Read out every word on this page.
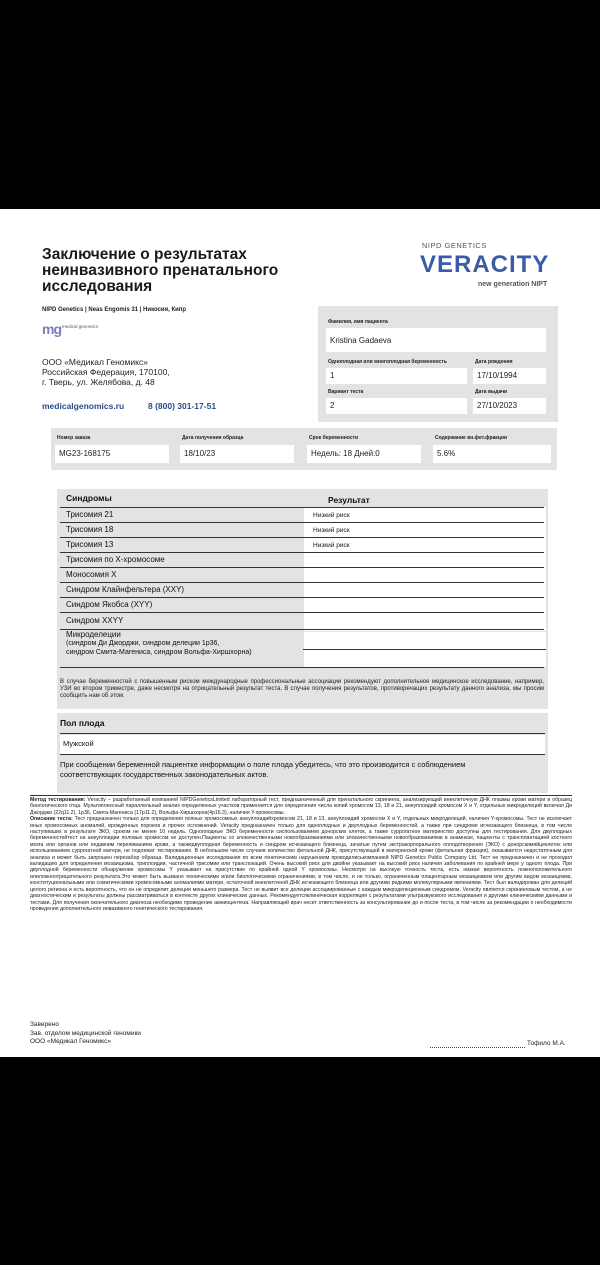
Заключение о результатах неинвазивного пренатального исследования
NIPD Genetics | Neas Engomis 31 | Никосия, Кипр
mg medical genomics
ООО «Медикал Геномикс»
Российская Федерация, 170100,
г. Тверь, ул. Желябова, д. 48
medicalgenomics.ru	8 (800) 301-17-51
NIPD GENETICS
VERACITY
new generation NIPT
Фамилия, имя пациента
Kristina Gadaeva
Одноплодная или многоплодная беременность
1
Дата рождения
17/10/1994
Вариант теста
2
Дата выдачи
27/10/2023
Номер заказа
MG23-168175
Дата получения образца
18/10/23
Срок беременности
Недель: 18 Дней:0
Содержание вн.фет.фракции
5.6%
Синдромы	Результат
Трисомия 21	Низкий риск
Трисомия 18	Низкий риск
Трисомия 13	Низкий риск
Трисомия по Х-хромосоме
Моносомия X
Синдром Клайнфельтера (XXY)
Синдром Якобса (XYY)
Синдром XXYY
Микроделеции
(синдром Ди Джорджи, синдром делеции 1р36,
синдром Смита-Магениса, синдром Вольфа-Хиршхорна)
В случае беременностей с повышенным риском международные профессиональные ассоциации рекомендуют дополнительное медицинское исследование, например, УЗИ во втором триместре, даже несмотря на отрицательный результат теста. В случае получения результатов, противоречащих результату данного анализа, мы просим сообщить нам об этом.
Пол плода
Мужской
При сообщении беременной пациентке информации о поле плода убедитесь, что это производится с соблюдением соответствующих государственных законодательных актов.
Метод тестирования: Veracity – разработанный компанией NIPDGeneticsLimited лабораторный тест, предназначенный для пренатального скрининга, анализирующий внеклеточную ДНК плазмы крови матери и образец биологического отца. Мультиплексный параллельный анализ определенных участков применяется для определения числа копий хромосом 13, 18 и 21, анеуплоидий хромосом X и Y, отдельных микроделеций включая Ди Джорджи (22q11.2), 1р36, Смита-Магениса (17р11.2), Вольфа-Хиршхорна(4р16.3), наличия Y-хромосомы.
Описание теста: Тест предназначен только для определения полных хромосомных анеуплоидийхромосом 21, 18 и 13, анеуплоидий хромосом X и Y, отдельных микроделеций, наличия Y-хромосомы. Тест не исключает иных хромосомных аномалий, врожденных пороков и прочих осложнений. Veracity предназначен только для одноплодных и двуплодных беременностей, а также при синдроме исчезающего близнеца, в том числе наступивших в результате ЭКО, сроком не менее 10 недель. Одноплодные ЭКО беременности сиспользованием донорских клеток, а также суррогатное материнство доступны для тестирования. Для двуплодных беременностейтест на анеуплоидии половых хромосом не доступен.Пациенты со злокачественными новообразованиями или злокачественными новообразованиями в анамнезе, пациенты с трансплантацией костного мозга или органов или недавним переливанием крови, а такжедвуплодная беременность и синдром исчезающего близнеца, зачатые путем экстракорпорального оплодотворения (ЭКО) с донорскимяйцеклеток или использованием суррогатной матери, не подлежат тестированию. В небольшом числе случаев количество фетальной ДНК, присутствующей в материнской крови (фетальная фракция), оказывается недостаточным для анализа и может быть запрошен перезабор образца. Валидационные исследования по всем генетическим нарушениям проводилиськомпанией NIPD Genetics Public Company Ltd. Тест не предназначен и не проходил валидацию для определения мозаицизма, триплоидии, частичной трисомии или транслокаций. Очень высокий риск для двойни указывает на высокий риск наличия заболевания по крайней мере у одного плода. При двуплодной беременности обнаружение хромосомы Y указывает на присутствие по крайней одной Y хромосомы. Несмотря на высокую точность теста, есть низкая вероятность ложноположительного илиложноотрицательного результата.Это может быть вызвано техническими и/или биологическими ограничениями, в том числе, и не только, ограниченным плацентарным мозаицизмом или другим видом мозаицизма, конституциональными или соматическими хромосомными аномалиями матери, остаточной внеклеточной ДНК исчезающего близнеца или другими редкими молекулярными явлениями. Тест был валидирован для делеций целого региона и есть вероятность, что он не определит делеции меньшего размера. Тест не выявит все делеции ассоциированные с каждым микроделеционным синдромом. Veracity является скрининговым тестом, а не диагностическим и результаты должны рассматриваться в контексте других клинических данных. Рекомендуетсяклиническая корреляция с результатами ультразвукового исследования и другими клиническими данными и тестами. Для получения окончательного диагноза необходимо проведение амниоцентеза. Направляющий врач несет ответственность за консультирование до и после теста, в том числе за рекомендации о необходимости проведения дополнительного инвазивного генетического тестирования.
Заверено
Зав. отделом медицинской геномики
ООО «Медикал Геномикс»	Тофило М.А.
